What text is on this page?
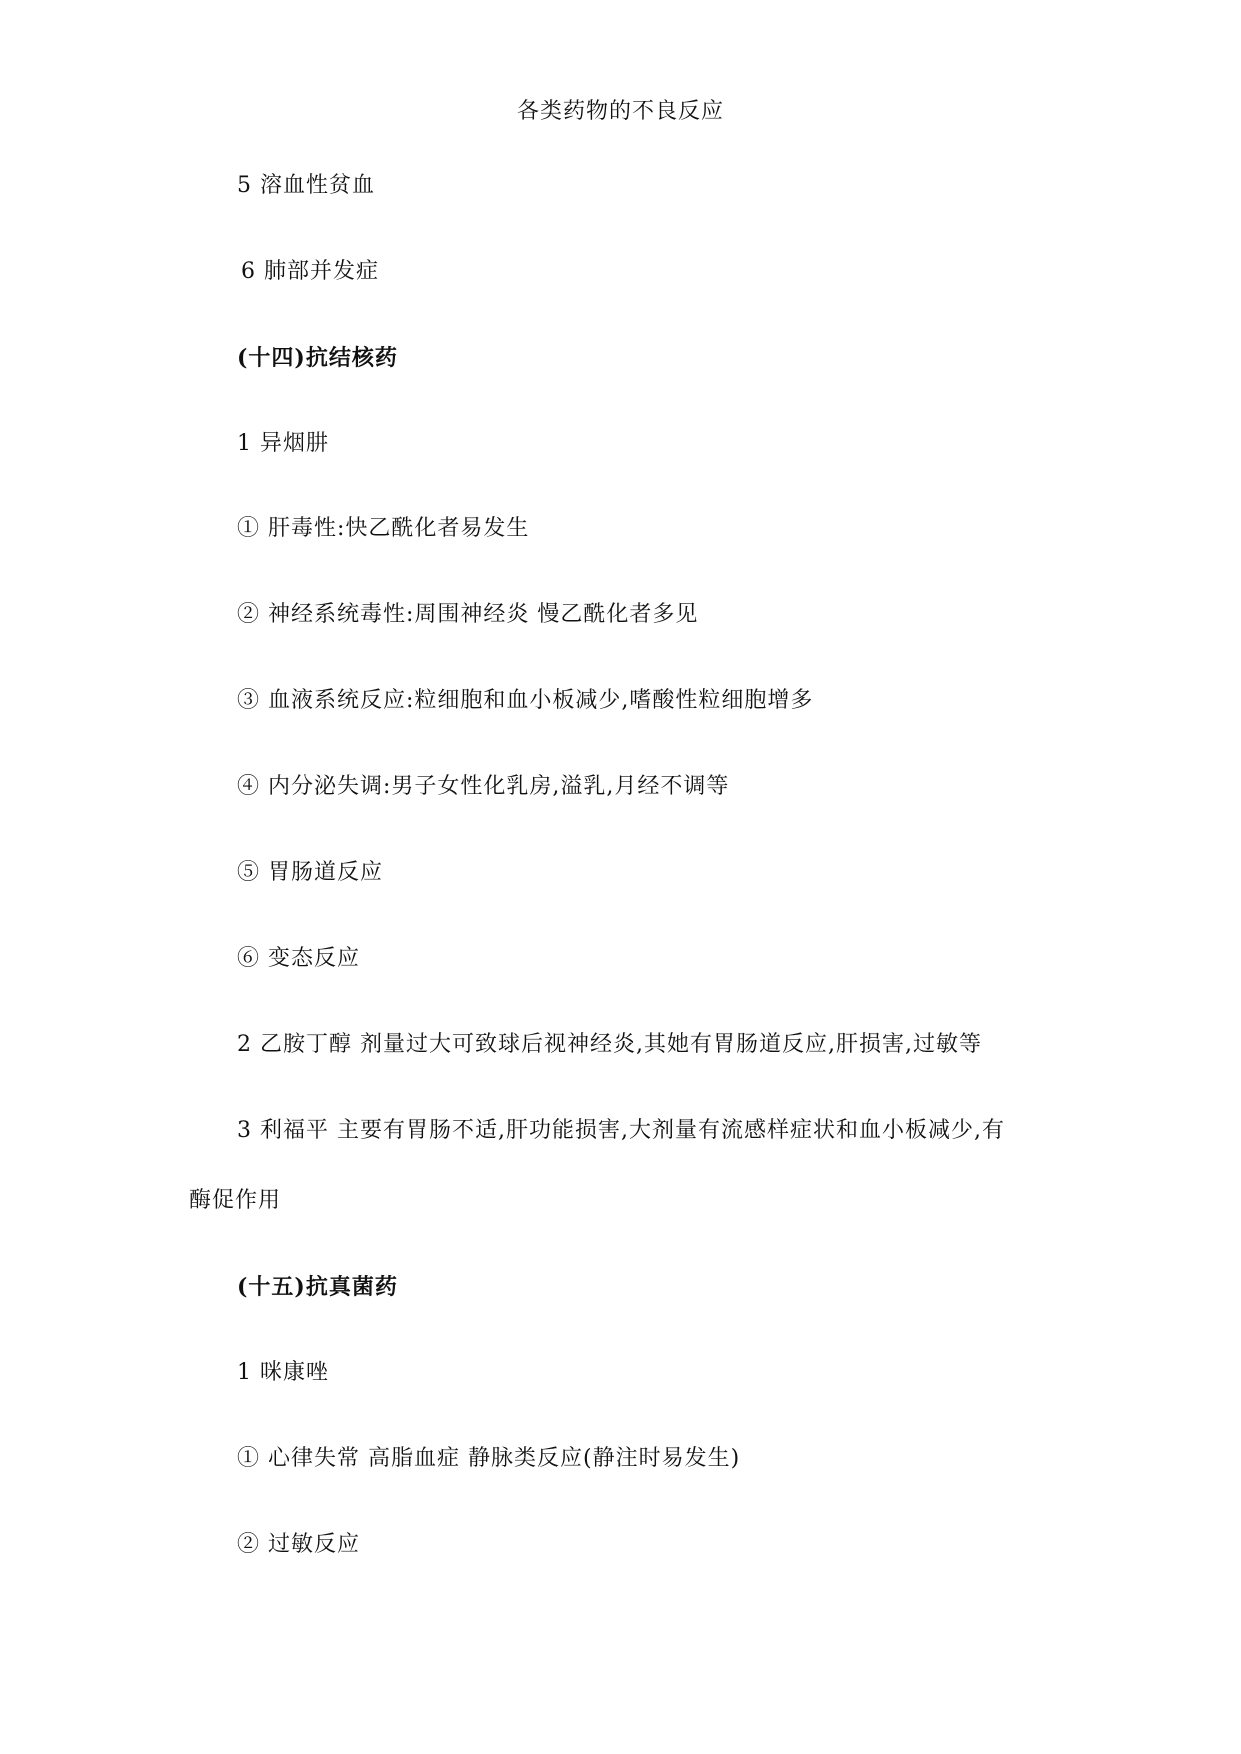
各类药物的不良反应
5 溶血性贫血
6 肺部并发症
(十四)抗结核药
1 异烟肼
① 肝毒性:快乙酰化者易发生
② 神经系统毒性:周围神经炎 慢乙酰化者多见
③ 血液系统反应:粒细胞和血小板减少,嗜酸性粒细胞增多
④ 内分泌失调:男子女性化乳房,溢乳,月经不调等
⑤ 胃肠道反应
⑥ 变态反应
2 乙胺丁醇 剂量过大可致球后视神经炎,其她有胃肠道反应,肝损害,过敏等
3 利福平 主要有胃肠不适,肝功能损害,大剂量有流感样症状和血小板减少,有
酶促作用
(十五)抗真菌药
1 咪康唑
① 心律失常 高脂血症 静脉类反应(静注时易发生)
② 过敏反应
